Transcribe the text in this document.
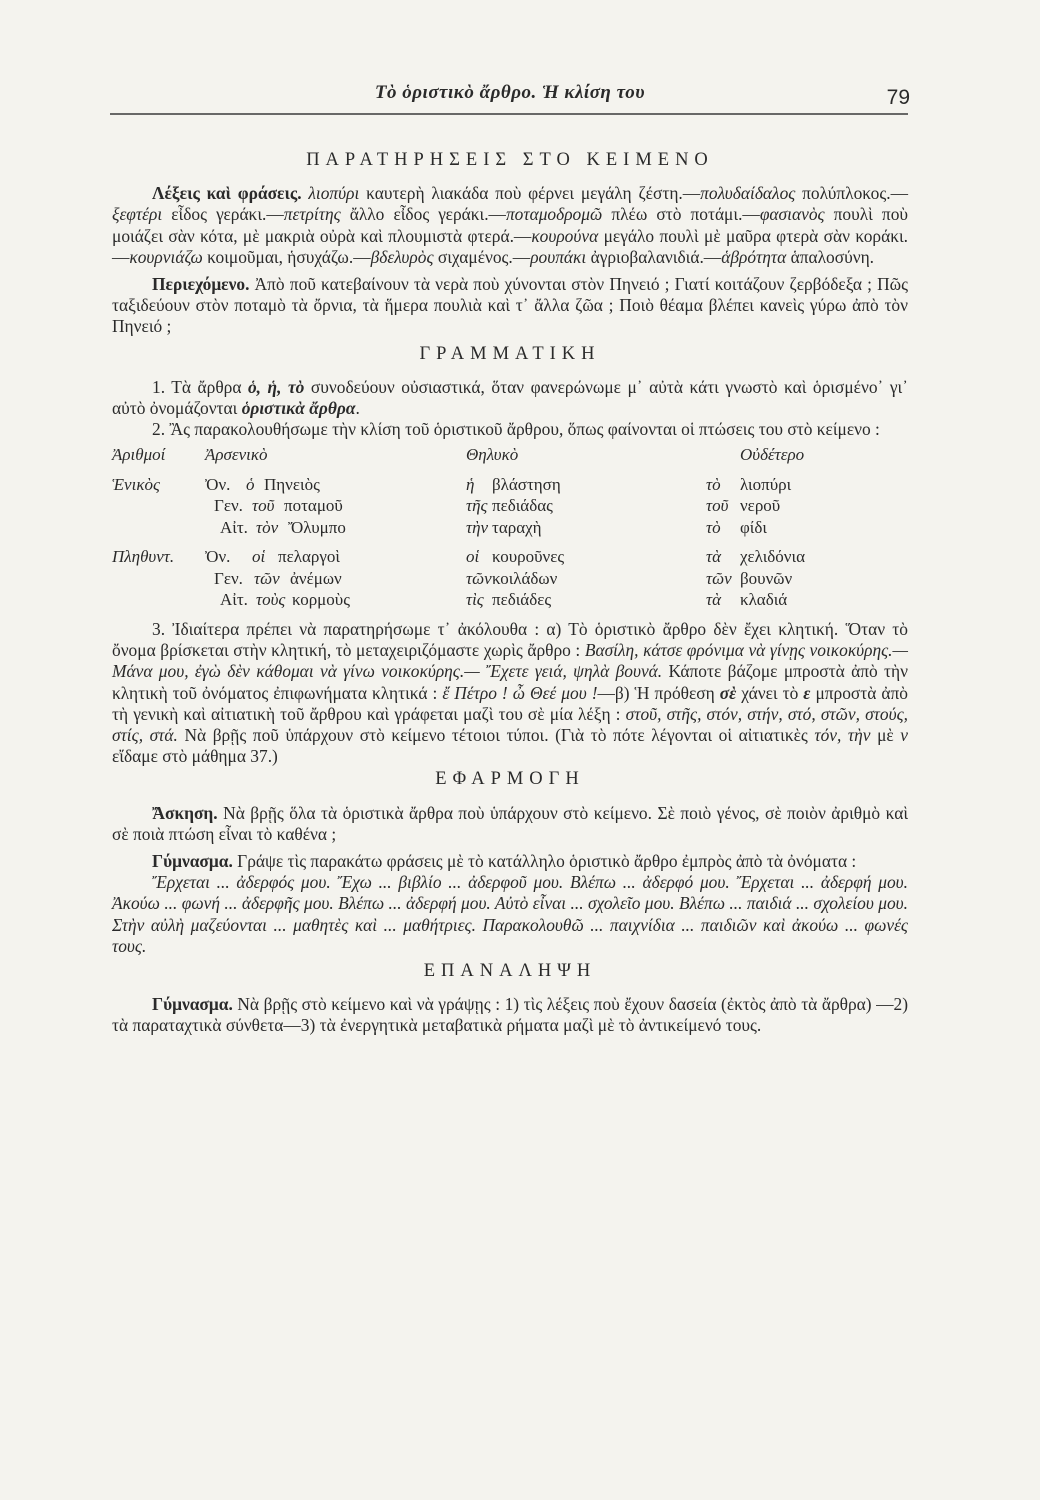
Τὸ ὁριστικὸ ἄρθρο. Ἡ κλίση του	79
ΠΑΡΑΤΗΡΗΣΕΙΣ ΣΤΟ ΚΕΙΜΕΝΟ

Λέξεις καὶ φράσεις. λιοπύρι καυτερὴ λιακάδα ποὺ φέρνει μεγάλη ζέστη.—πολυδαίδαλος πολύπλοκος.—ξεφτέρι εἶδος γεράκι.—πετρίτης ἄλλο εἶδος γεράκι.—ποταμοδρομῶ πλέω στὸ ποτάμι.—φασιανὸς πουλὶ ποὺ μοιάζει σὰν κότα, μὲ μακριὰ οὐρὰ καὶ πλουμιστὰ φτερά.—κουρούνα μεγάλο πουλὶ μὲ μαῦρα φτερὰ σὰν κοράκι.—κουρνιάζω κοιμοῦμαι, ἡσυχάζω.—βδελυρὸς σιχαμένος.—ρουπάκι ἀγριοβαλανιδιά.—ἁβρότητα ἁπαλοσύνη.

Περιεχόμενο. Ἀπὸ ποῦ κατεβαίνουν τὰ νερὰ ποὺ χύνονται στὸν Πηνειό ; Γιατί κοιτάζουν ζερβόδεξα ; Πῶς ταξιδεύουν στὸν ποταμὸ τὰ ὄρνια, τὰ ἥμερα πουλιὰ καὶ τ᾽ ἄλλα ζῶα ; Ποιὸ θέαμα βλέπει κανεὶς γύρω ἀπὸ τὸν Πηνειό ;

ΓΡΑΜΜΑΤΙΚΗ

1. Τὰ ἄρθρα ὁ, ἡ, τὸ συνοδεύουν οὐσιαστικά, ὅταν φανερώνωμε μ᾽ αὐτὰ κάτι γνωστὸ καὶ ὁρισμένο᾽ γι᾽ αὐτὸ ὀνομάζονται ὁριστικὰ ἄρθρα.

2. Ἂς παρακολουθήσωμε τὴν κλίση τοῦ ὁριστικοῦ ἄρθρου, ὅπως φαίνονται οἱ πτώσεις του στὸ κείμενο :

Ἀριθμοί Ἀρσενικὸ	Θηλυκὸ	Οὐδέτερο
Ἑνικὸς	Ὀν. ὁ Πηνειὸς	ἡ βλάστηση	τὸ λιοπύρι
Γεν. τοῦ ποταμοῦ	τῆς πεδιάδας	τοῦ νεροῦ
Αἰτ. τὸν Ὄλυμπο	τὴν ταραχὴ	τὸ φίδι
Πληθυντ. Ὀν. οἱ πελαργοὶ	οἱ κουροῦνες	τὰ χελιδόνια
Γεν. τῶν ἀνέμων	τῶν κοιλάδων	τῶν βουνῶν
Αἰτ. τοὺς κορμοὺς	τὶς πεδιάδες	τὰ κλαδιά

3. Ἰδιαίτερα πρέπει νὰ παρατηρήσωμε τ᾽ ἀκόλουθα : α) Τὸ ὁριστικὸ ἄρθρο δὲν ἔχει κλητική. Ὅταν τὸ ὄνομα βρίσκεται στὴν κλητική, τὸ μεταχειριζόμαστε χωρὶς ἄρθρο : Βασίλη, κάτσε φρόνιμα νὰ γίνῃς νοικοκύρης.—Μάνα μου, ἐγὼ δὲν κάθομαι νὰ γίνω νοικοκύρης.— Ἔχετε γειά, ψηλὰ βουνά. Κάποτε βάζομε μπροστὰ ἀπὸ τὴν κλητικὴ τοῦ ὀνόματος ἐπιφωνήματα κλητικά : ἔ Πέτρο ! ὦ Θεέ μου !—β) Ἡ πρόθεση σὲ χάνει τὸ ε μπροστὰ ἀπὸ τὴ γενικὴ καὶ αἰτιατικὴ τοῦ ἄρθρου καὶ γράφεται μαζὶ του σὲ μία λέξη : στοῦ, στῆς, στόν, στήν, στό, στῶν, στούς, στίς, στά. Νὰ βρῇς ποῦ ὑπάρχουν στὸ κείμενο τέτοιοι τύποι. (Γιὰ τὸ πότε λέγονται οἱ αἰτιατικὲς τόν, τὴν μὲ ν εἴδαμε στὸ μάθημα 37.)

ΕΦΑΡΜΟΓΗ

Ἄσκηση. Νὰ βρῇς ὅλα τὰ ὁριστικὰ ἄρθρα ποὺ ὑπάρχουν στὸ κείμενο. Σὲ ποιὸ γένος, σὲ ποιὸν ἀριθμὸ καὶ σὲ ποιὰ πτώση εἶναι τὸ καθένα ;

Γύμνασμα. Γράψε τὶς παρακάτω φράσεις μὲ τὸ κατάλληλο ὁριστικὸ ἄρθρο ἐμπρὸς ἀπὸ τὰ ὀνόματα :

Ἔρχεται ... ἀδερφός μου. Ἔχω ... βιβλίο ... ἀδερφοῦ μου. Βλέπω ... ἀδερφό μου. Ἔρχεται ... ἀδερφή μου. Ἀκούω ... φωνή ... ἀδερφῆς μου. Βλέπω ... ἀδερφή μου. Αὐτὸ εἶναι ... σχολεῖο μου. Βλέπω ... παιδιά ... σχολείου μου. Στὴν αὐλὴ μαζεύονται ... μαθητὲς καὶ ... μαθήτριες. Παρακολουθῶ ... παιχνίδια ... παιδιῶν καὶ ἀκούω ... φωνές τους.

ΕΠΑΝΑΛΗΨΗ

Γύμνασμα. Νὰ βρῇς στὸ κείμενο καὶ νὰ γράψῃς : 1) τὶς λέξεις ποὺ ἔχουν δασεία (ἐκτὸς ἀπὸ τὰ ἄρθρα) —2) τὰ παραταχτικὰ σύνθετα—3) τὰ ἐνεργητικὰ μεταβατικὰ ρήματα μαζὶ μὲ τὸ ἀντικείμενό τους.
